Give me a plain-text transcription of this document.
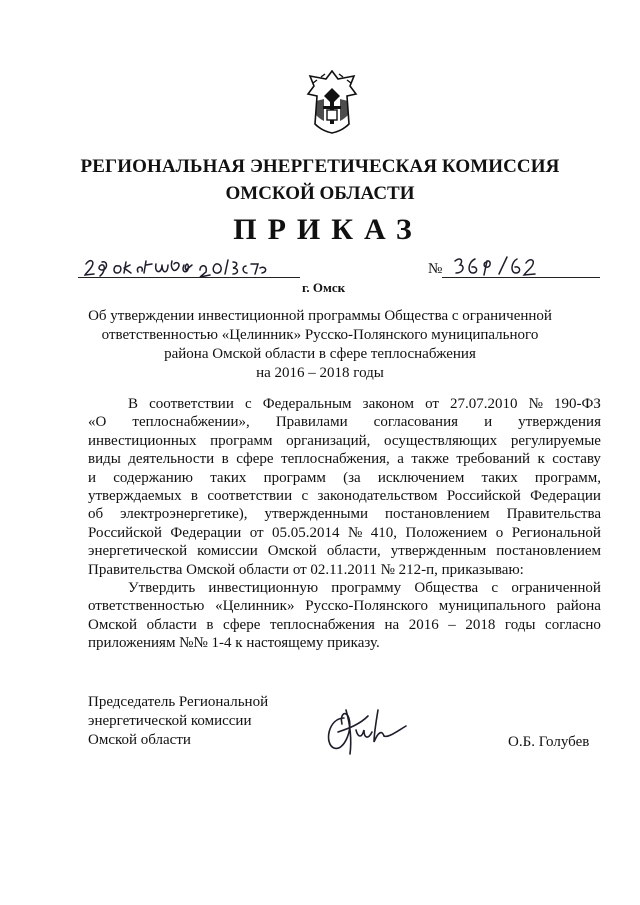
РЕГИОНАЛЬНАЯ ЭНЕРГЕТИЧЕСКАЯ КОМИССИЯ
ОМСКОЙ ОБЛАСТИ
ПРИКАЗ
г. Омск
№
Об утверждении инвестиционной программы Общества с ограниченной
ответственностью «Целинник» Русско-Полянского муниципального
района Омской области в сфере теплоснабжения
на 2016 – 2018 годы
В соответствии с Федеральным законом от 27.07.2010 № 190-ФЗ
«О теплоснабжении», Правилами согласования и утверждения
инвестиционных программ организаций, осуществляющих регулируемые
виды деятельности в сфере теплоснабжения, а также требований к составу
и содержанию таких программ (за исключением таких программ,
утверждаемых в соответствии с законодательством Российской Федерации
об электроэнергетике), утвержденными постановлением Правительства
Российской Федерации от 05.05.2014 № 410, Положением о Региональной
энергетической комиссии Омской области, утвержденным постановлением
Правительства Омской области от 02.11.2011 № 212-п, приказываю:
Утвердить инвестиционную программу Общества с ограниченной
ответственностью «Целинник» Русско-Полянского муниципального района
Омской области в сфере теплоснабжения на 2016 – 2018 годы согласно
приложениям №№ 1-4 к настоящему приказу.
Председатель Региональной
энергетической комиссии
Омской области	О.Б. Голубев
